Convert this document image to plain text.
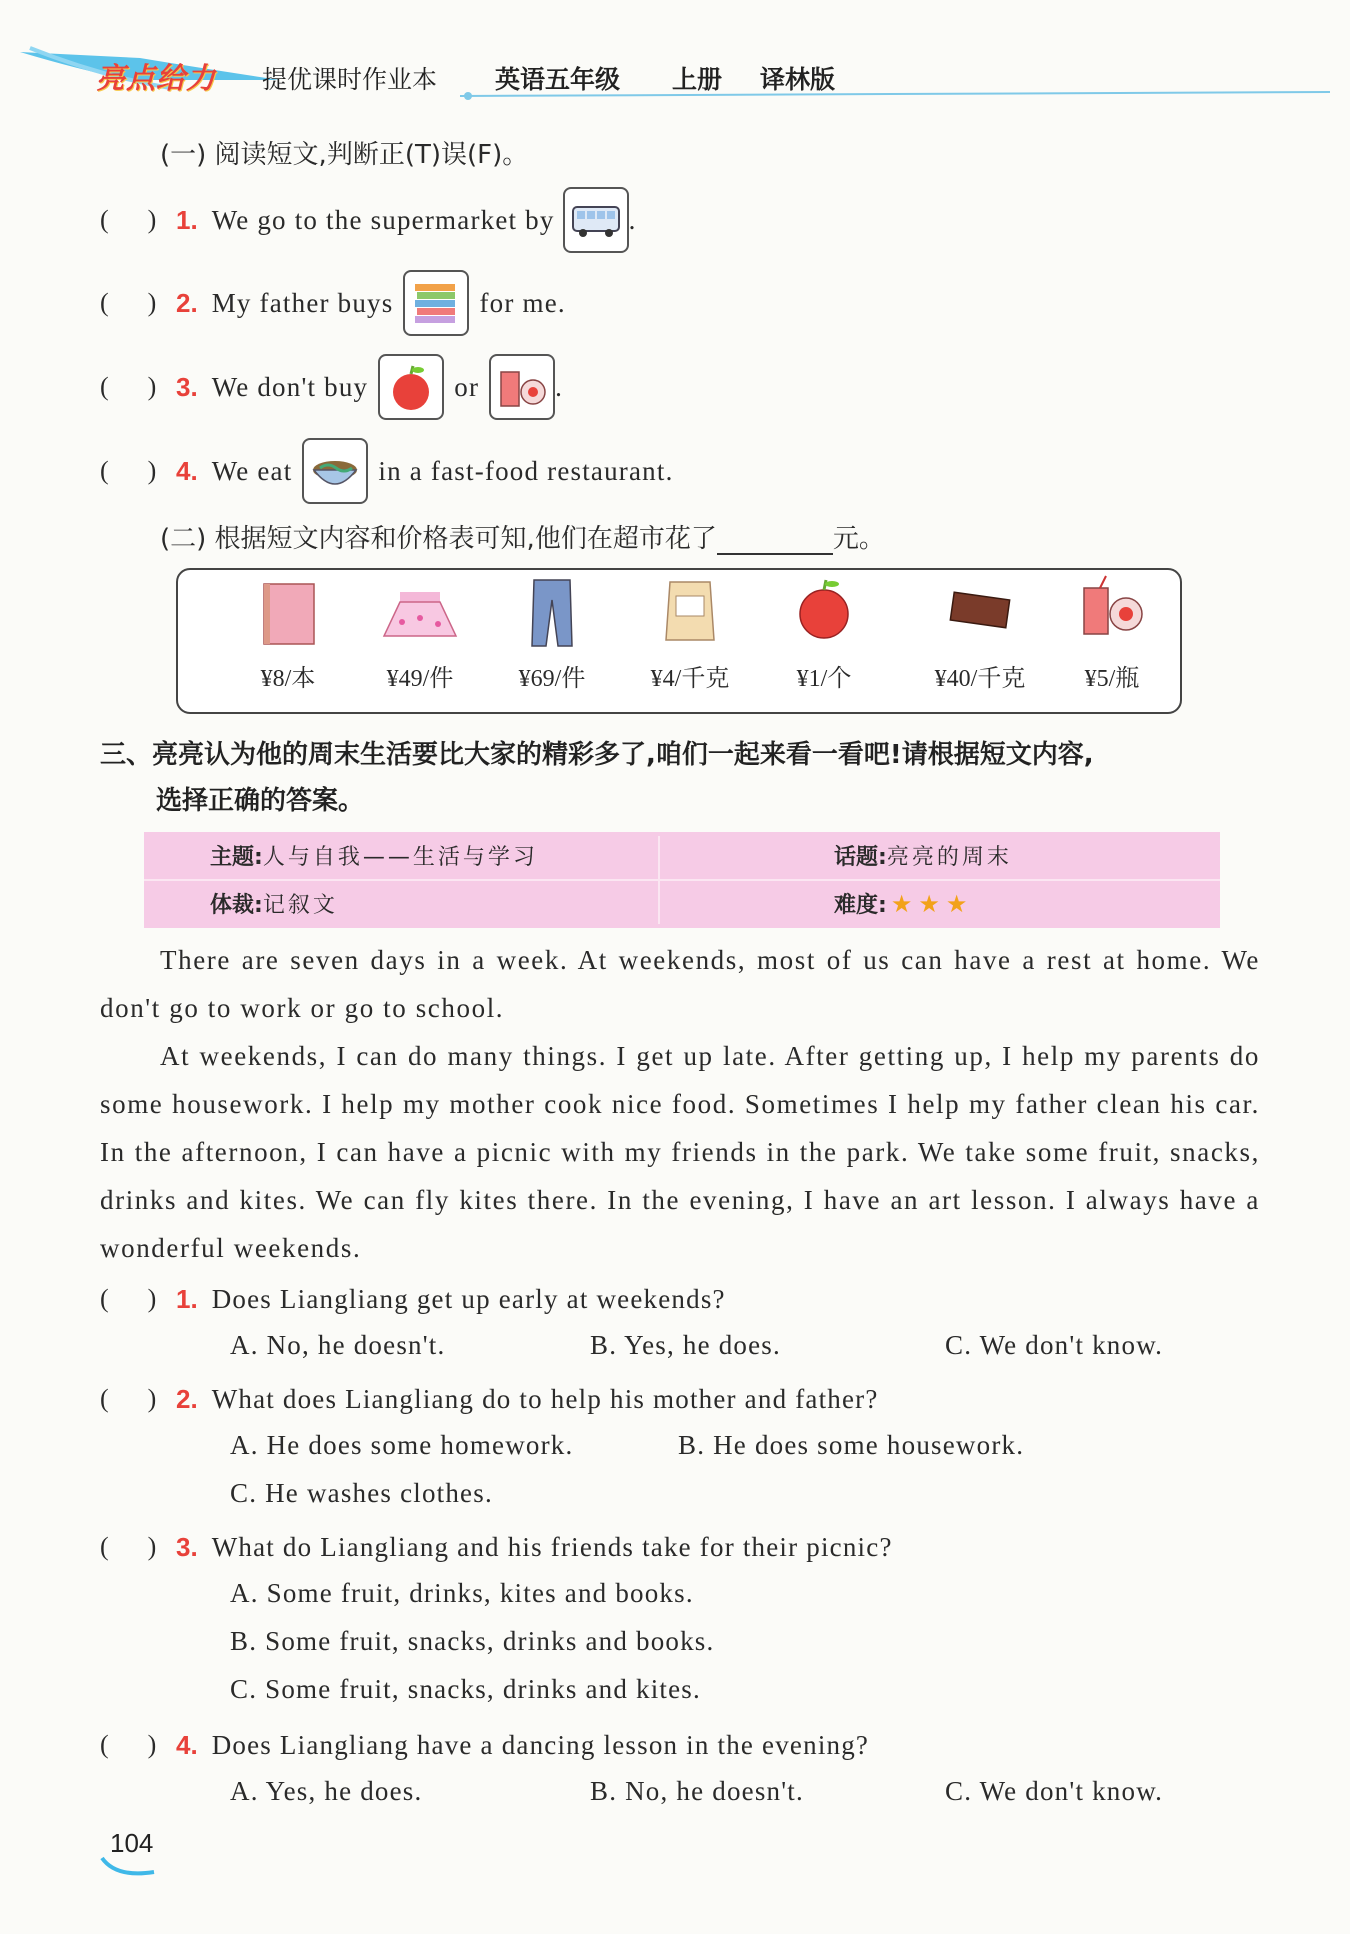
亮点给力 提优课时作业本 英语五年级 上册 译林版
(一) 阅读短文,判断正(T)误(F)。
(      ) 1. We go to the supermarket by	.
(      ) 2. My father buys	for me.
(      ) 3. We don't buy	or	.
(      ) 4. We eat	in a fast-food restaurant.
(二) 根据短文内容和价格表可知,他们在超市花了	元。
¥8/本	¥49/件	¥69/件	¥4/千克	¥1/个	¥40/千克	¥5/瓶
三、亮亮认为他的周末生活要比大家的精彩多了,咱们一起来看一看吧!请根据短文内容,
选择正确的答案。
主题:人与自我——生活与学习	话题:亮亮的周末
体裁:记叙文	难度: ★★★
There are seven days in a week. At weekends, most of us can have a rest at home. We don't go to work or go to school.
At weekends, I can do many things. I get up late. After getting up, I help my parents do some housework. I help my mother cook nice food. Sometimes I help my father clean his car. In the afternoon, I can have a picnic with my friends in the park. We take some fruit, snacks, drinks and kites. We can fly kites there. In the evening, I have an art lesson. I always have a wonderful weekends.
(      ) 1. Does Liangliang get up early at weekends?
A. No, he doesn't.	B. Yes, he does.	C. We don't know.
(      ) 2. What does Liangliang do to help his mother and father?
A. He does some homework.	B. He does some housework.
C. He washes clothes.
(      ) 3. What do Liangliang and his friends take for their picnic?
A. Some fruit, drinks, kites and books.
B. Some fruit, snacks, drinks and books.
C. Some fruit, snacks, drinks and kites.
(      ) 4. Does Liangliang have a dancing lesson in the evening?
A. Yes, he does.	B. No, he doesn't.	C. We don't know.
104
